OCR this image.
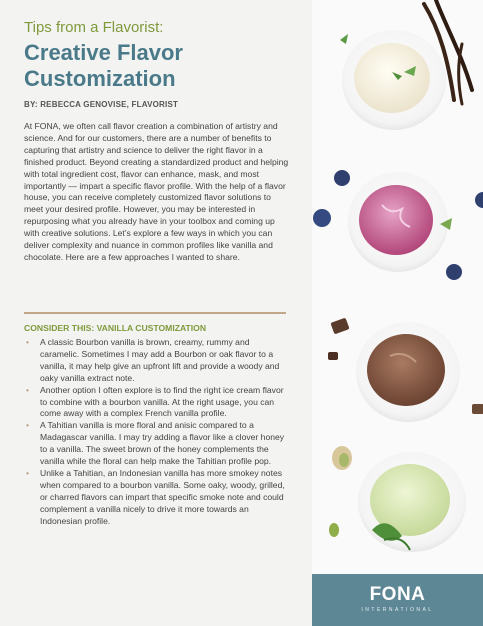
Tips from a Flavorist:
Creative Flavor Customization
BY: REBECCA GENOVISE, FLAVORIST

At FONA, we often call flavor creation a combination of artistry and science. And for our customers, there are a number of benefits to capturing that artistry and science to deliver the right flavor in a finished product. Beyond creating a standardized product and helping with total ingredient cost, flavor can enhance, mask, and most importantly — impart a specific flavor profile. With the help of a flavor house, you can receive completely customized flavor solutions to meet your desired profile. However, you may be interested in repurposing what you already have in your toolbox and coming up with creative solutions. Let’s explore a few ways in which you can deliver complexity and nuance in common profiles like vanilla and chocolate. Here are a few approaches I wanted to share.

CONSIDER THIS: VANILLA CUSTOMIZATION
• A classic Bourbon vanilla is brown, creamy, rummy and caramelic. Sometimes I may add a Bourbon or oak flavor to a vanilla, it may help give an upfront lift and provide a woody and oaky vanilla extract note.
• Another option I often explore is to find the right ice cream flavor to combine with a bourbon vanilla. At the right usage, you can come away with a complex French vanilla profile.
• A Tahitian vanilla is more floral and anisic compared to a Madagascar vanilla. I may try adding a flavor like a clover honey to a vanilla. The sweet brown of the honey complements the vanilla while the floral can help make the Tahitian profile pop.
• Unlike a Tahitian, an Indonesian vanilla has more smokey notes when compared to a bourbon vanilla. Some oaky, woody, grilled, or charred flavors can impart that specific smoke note and could complement a vanilla nicely to drive it more towards an Indonesian profile.
FONA
INTERNATIONAL
